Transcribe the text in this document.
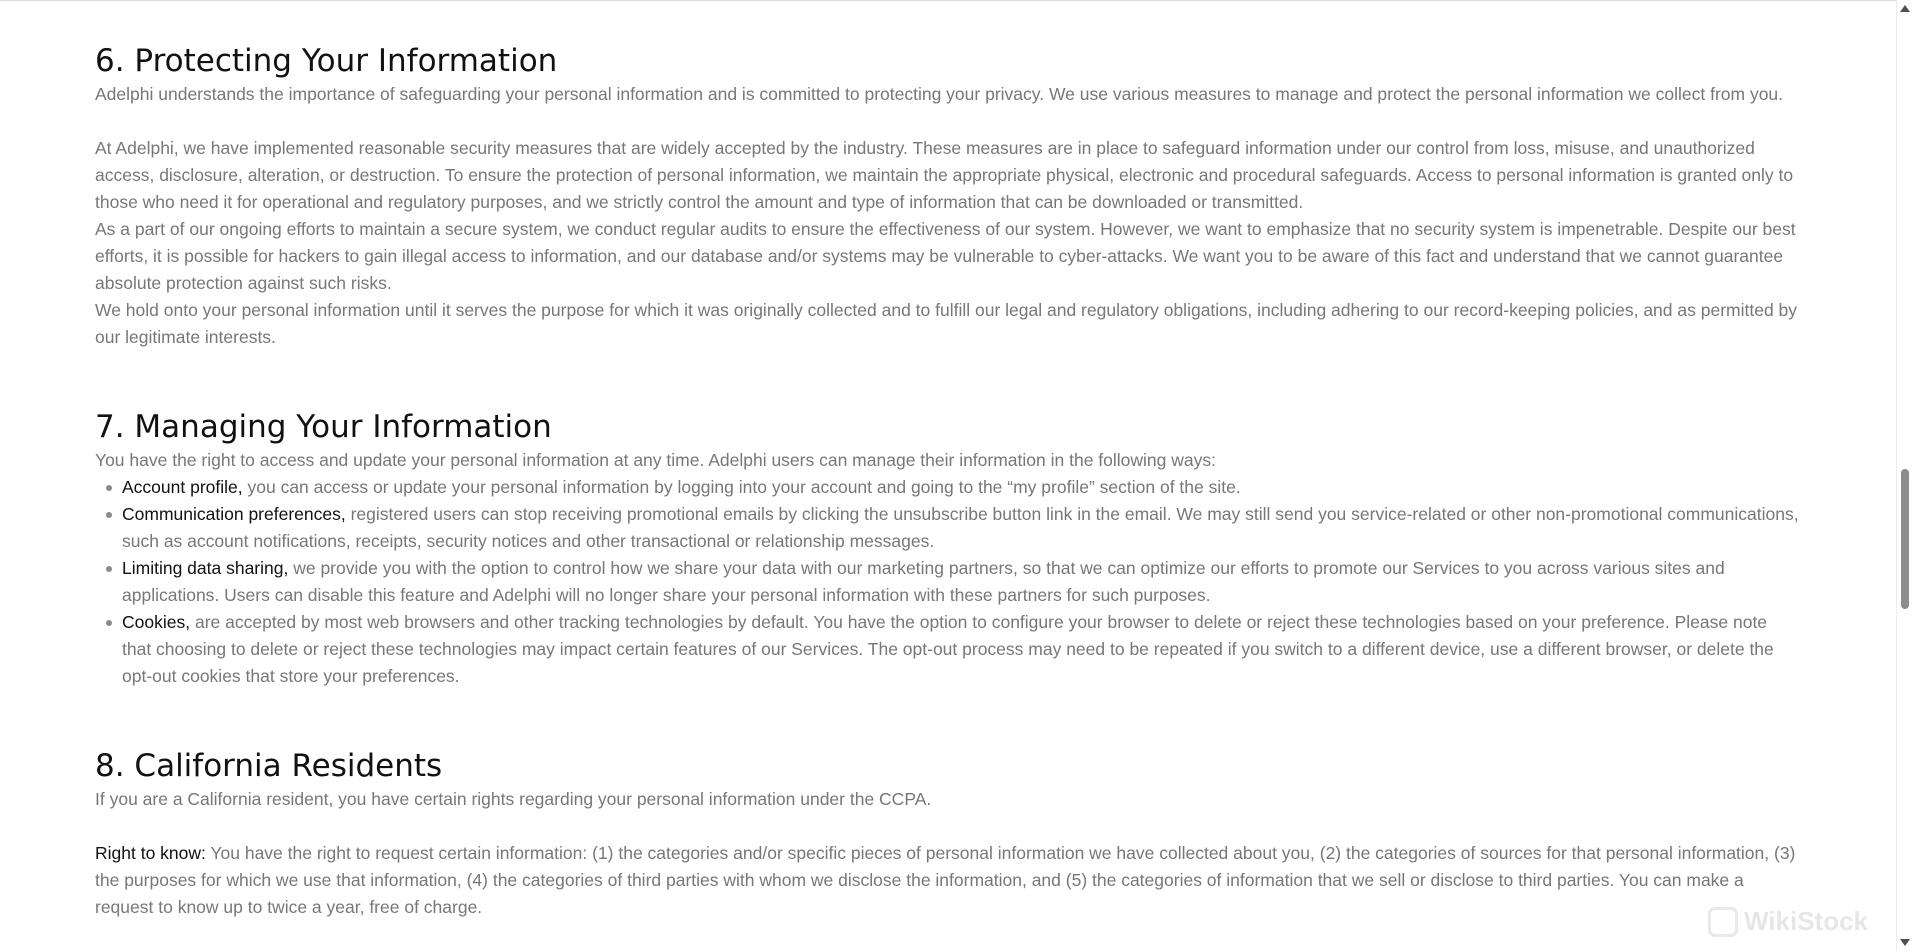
6. Protecting Your Information

Adelphi understands the importance of safeguarding your personal information and is committed to protecting your privacy. We use various measures to manage and protect the personal information we collect from you.

At Adelphi, we have implemented reasonable security measures that are widely accepted by the industry. These measures are in place to safeguard information under our control from loss, misuse, and unauthorized access, disclosure, alteration, or destruction. To ensure the protection of personal information, we maintain the appropriate physical, electronic and procedural safeguards. Access to personal information is granted only to those who need it for operational and regulatory purposes, and we strictly control the amount and type of information that can be downloaded or transmitted.

As a part of our ongoing efforts to maintain a secure system, we conduct regular audits to ensure the effectiveness of our system. However, we want to emphasize that no security system is impenetrable. Despite our best efforts, it is possible for hackers to gain illegal access to information, and our database and/or systems may be vulnerable to cyber-attacks. We want you to be aware of this fact and understand that we cannot guarantee absolute protection against such risks.

We hold onto your personal information until it serves the purpose for which it was originally collected and to fulfill our legal and regulatory obligations, including adhering to our record-keeping policies, and as permitted by our legitimate interests.

7. Managing Your Information

You have the right to access and update your personal information at any time. Adelphi users can manage their information in the following ways:

Account profile, you can access or update your personal information by logging into your account and going to the “my profile” section of the site.
Communication preferences, registered users can stop receiving promotional emails by clicking the unsubscribe button link in the email. We may still send you service-related or other non-promotional communications, such as account notifications, receipts, security notices and other transactional or relationship messages.
Limiting data sharing, we provide you with the option to control how we share your data with our marketing partners, so that we can optimize our efforts to promote our Services to you across various sites and applications. Users can disable this feature and Adelphi will no longer share your personal information with these partners for such purposes.
Cookies, are accepted by most web browsers and other tracking technologies by default. You have the option to configure your browser to delete or reject these technologies based on your preference. Please note that choosing to delete or reject these technologies may impact certain features of our Services. The opt-out process may need to be repeated if you switch to a different device, use a different browser, or delete the opt-out cookies that store your preferences.
8. California Residents

If you are a California resident, you have certain rights regarding your personal information under the CCPA.

Right to know: You have the right to request certain information: (1) the categories and/or specific pieces of personal information we have collected about you, (2) the categories of sources for that personal information, (3) the purposes for which we use that information, (4) the categories of third parties with whom we disclose the information, and (5) the categories of information that we sell or disclose to third parties. You can make a request to know up to twice a year, free of charge.	WikiStock
